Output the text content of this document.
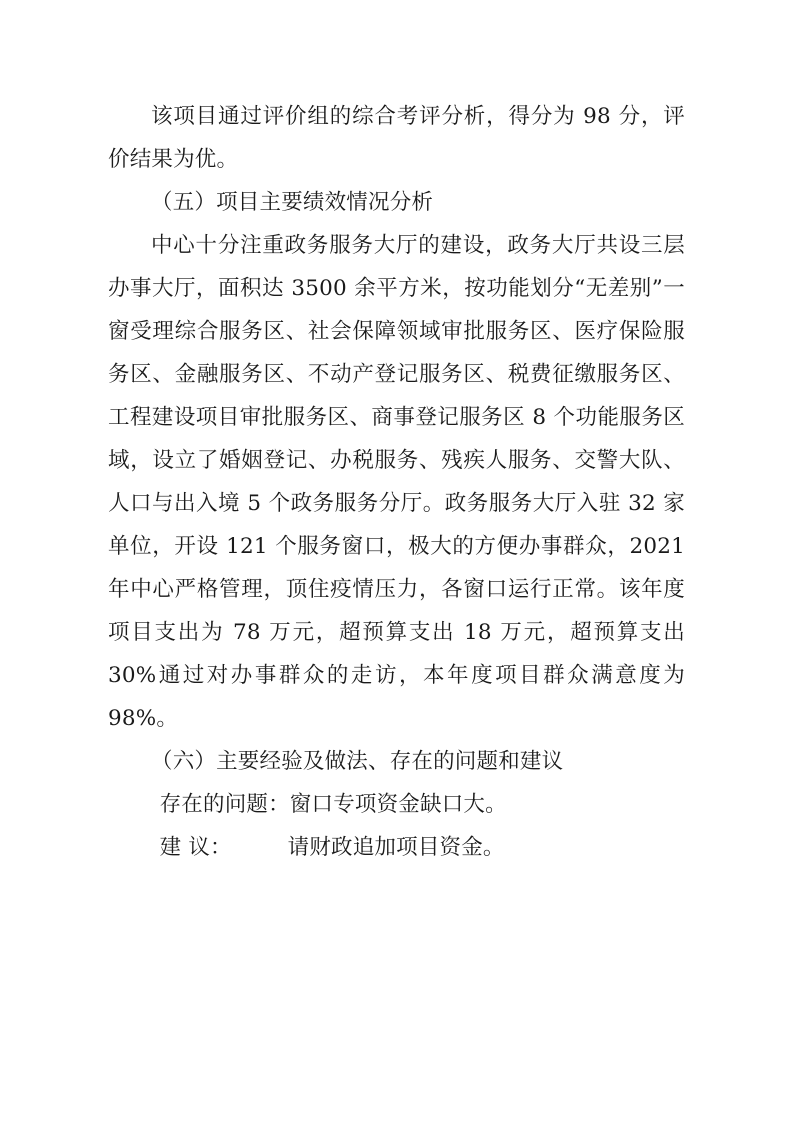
该项目通过评价组的综合考评分析，得分为 98 分，评价结果为优。

（五）项目主要绩效情况分析

中心十分注重政务服务大厅的建设，政务大厅共设三层办事大厅，面积达 3500 余平方米，按功能划分“无差别”一窗受理综合服务区、社会保障领域审批服务区、医疗保险服务区、金融服务区、不动产登记服务区、税费征缴服务区、工程建设项目审批服务区、商事登记服务区 8 个功能服务区域，设立了婚姻登记、办税服务、残疾人服务、交警大队、人口与出入境 5 个政务服务分厅。政务服务大厅入驻 32 家单位，开设 121 个服务窗口，极大的方便办事群众，2021 年中心严格管理，顶住疫情压力，各窗口运行正常。该年度项目支出为 78 万元，超预算支出 18 万元，超预算支出 30%通过对办事群众的走访，本年度项目群众满意度为 98%。

（六）主要经验及做法、存在的问题和建议

存在的问题：窗口专项资金缺口大。

建 议：	请财政追加项目资金。
